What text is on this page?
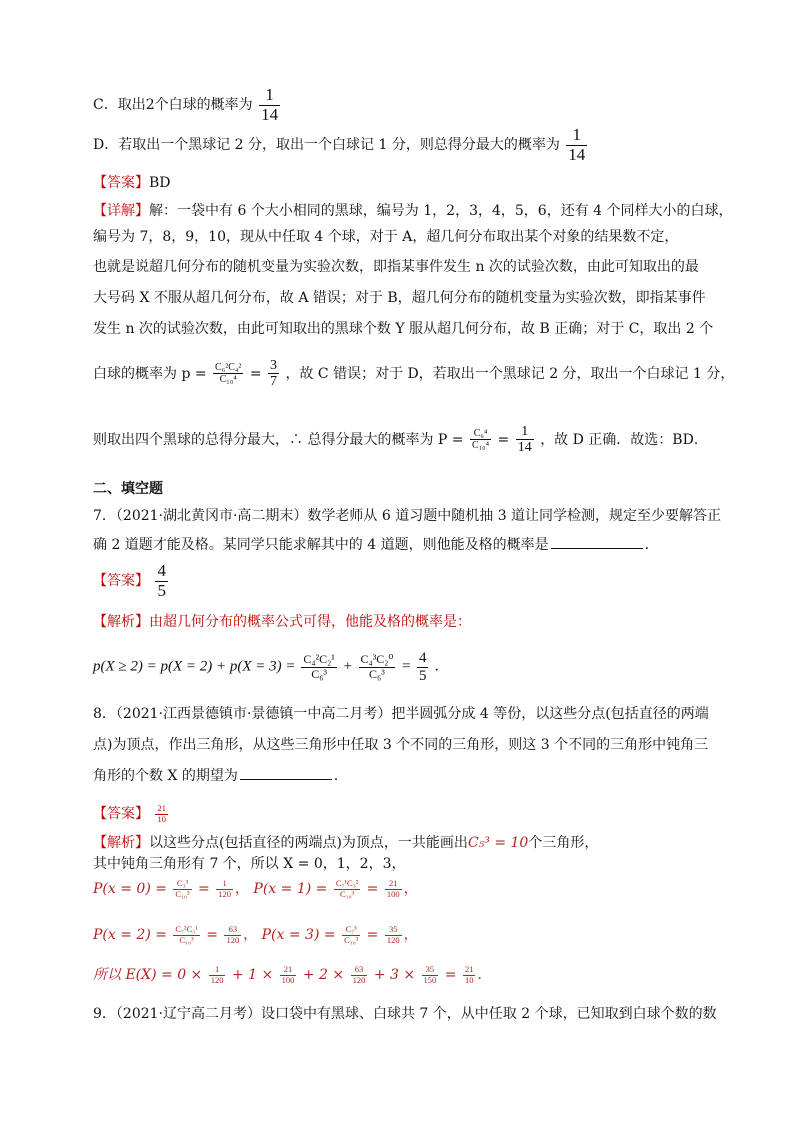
C．取出2个白球的概率为 $\frac{1}{14}$
D．若取出一个黑球记 2 分，取出一个白球记 1 分，则总得分最大的概率为 $\frac{1}{14}$
【答案】BD
【详解】解：一袋中有 6 个大小相同的黑球，编号为 1，2，3，4，5，6，还有 4 个同样大小的白球，
编号为 7，8，9，10，现从中任取 4 个球，对于 A，超几何分布取出某个对象的结果数不定，
也就是说超几何分布的随机变量为实验次数，即指某事件发生 n 次的试验次数，由此可知取出的最
大号码 X 不服从超几何分布，故 A 错误；对于 B，超几何分布的随机变量为实验次数，即指某事件
发生 n 次的试验次数，由此可知取出的黑球个数 Y 服从超几何分布，故 B 正确；对于 C，取出 2 个
白球的概率为 $p = \frac{\text{C₆²C₄²}}{\text{C₁₀⁴}} = \frac{3}{7}$ ，故 C 错误；对于 D，若取出一个黑球记 2 分，取出一个白球记 1 分，
则取出四个黑球的总得分最大，∴ 总得分最大的概率为 $P = \frac{\text{C₆⁴}}{\text{C₁₀⁴}} = \frac{1}{14}$ ，故 D 正确．故选：BD．
二、填空题
7．（2021·湖北黄冈市·高二期末）数学老师从 6 道习题中随机抽 3 道让同学检测，规定至少要解答正
确 2 道题才能及格。某同学只能求解其中的 4 道题，则他能及格的概率是	．
【答案】 $\frac{4}{5}$
【解析】由超几何分布的概率公式可得，他能及格的概率是：
$p(X \ge 2) = p(X = 2) + p(X = 3) = \frac{\text{C₄²C₂¹}}{\text{C₆³}} + \frac{\text{C₄³C₂⁰}}{\text{C₆³}} = \frac{4}{5}$ ．
8．（2021·江西景德镇市·景德镇一中高二月考）把半圆弧分成 4 等份，以这些分点(包括直径的两端
点)为顶点，作出三角形，从这些三角形中任取 3 个不同的三角形，则这 3 个不同的三角形中钝角三
角形的个数 X 的期望为	．
【答案】 $\frac{21}{10}$
【解析】以这些分点(包括直径的两端点)为顶点，一共能画出C₅³ = 10个三角形，
其中钝角三角形有 7 个，所以 X = 0，1，2，3，
$P(x = 0) = \frac{\text{C₃³}}{\text{C₁₀³}} = \frac{1}{120}$ ， $P(x = 1) = \frac{\text{C₇¹C₃²}}{\text{C₁₀³}} = \frac{21}{100}$ ，
$P(x = 2) = \frac{\text{C₇²C₃¹}}{\text{C₁₀³}} = \frac{63}{120}$ ， $P(x = 3) = \frac{\text{C₇³}}{\text{C₁₀³}} = \frac{35}{120}$ ，
所以 $E(X) = 0 \times \frac{1}{120} + 1 \times \frac{21}{100} + 2 \times \frac{63}{120} + 3 \times \frac{35}{150} = \frac{21}{10}$ ．
9．（2021·辽宁高二月考）设口袋中有黑球、白球共 7 个，从中任取 2 个球，已知取到白球个数的数
